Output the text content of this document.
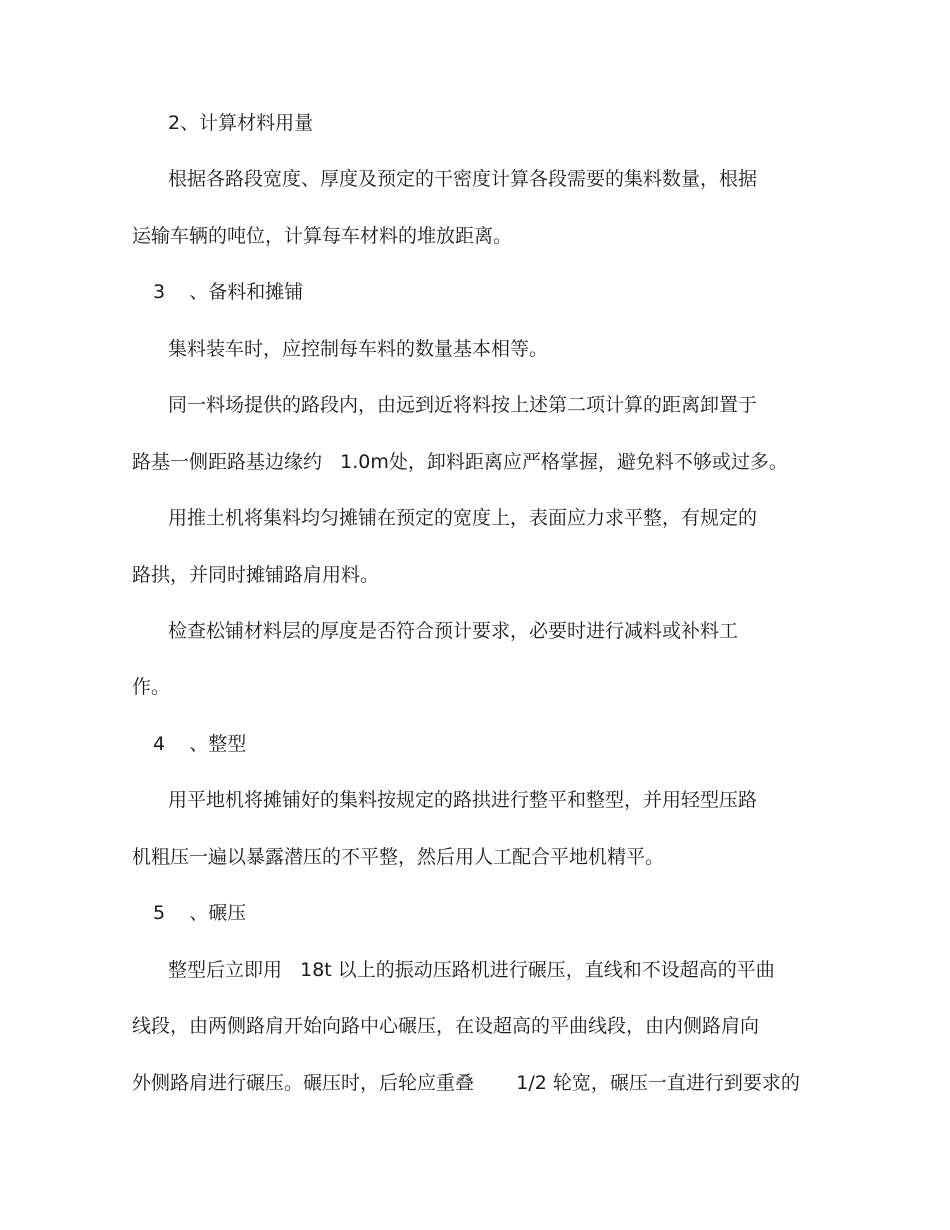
2、计算材料用量
根据各路段宽度、厚度及预定的干密度计算各段需要的集料数量，根据
运输车辆的吨位，计算每车材料的堆放距离。
3    、备料和摊铺
集料装车时，应控制每车料的数量基本相等。
同一料场提供的路段内，由远到近将料按上述第二项计算的距离卸置于
路基一侧距路基边缘约   1.0m处，卸料距离应严格掌握，避免料不够或过多。
用推土机将集料均匀摊铺在预定的宽度上，表面应力求平整，有规定的
路拱，并同时摊铺路肩用料。
检查松铺材料层的厚度是否符合预计要求，必要时进行减料或补料工
作。
4    、整型
用平地机将摊铺好的集料按规定的路拱进行整平和整型，并用轻型压路
机粗压一遍以暴露潜压的不平整，然后用人工配合平地机精平。
5    、碾压
整型后立即用   18t 以上的振动压路机进行碾压，直线和不设超高的平曲
线段，由两侧路肩开始向路中心碾压，在设超高的平曲线段，由内侧路肩向
外侧路肩进行碾压。碾压时，后轮应重叠       1/2 轮宽，碾压一直进行到要求的
